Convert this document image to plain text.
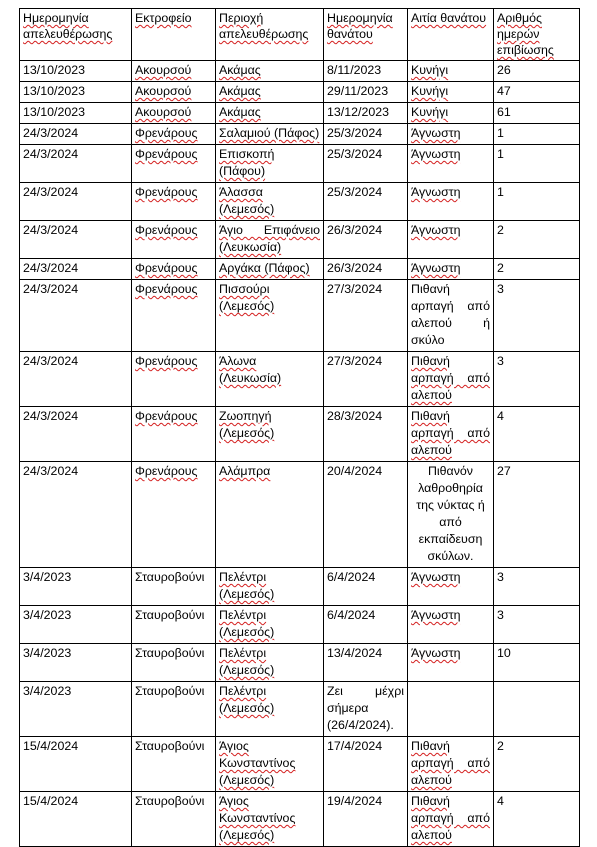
Ημερομηνία απελευθέρωσης	Εκτροφείο	Περιοχή απελευθέρωσης	Ημερομηνία θανάτου	Αιτία θανάτου	Αριθμός ημερών επιβίωσης
13/10/2023	Ακουρσού	Ακάμας	8/11/2023	Κυνήγι	26
13/10/2023	Ακουρσού	Ακάμας	29/11/2023	Κυνήγι	47
13/10/2023	Ακουρσού	Ακάμας	13/12/2023	Κυνήγι	61
24/3/2024	Φρενάρους	Σαλαμιού (Πάφος)	25/3/2024	Άγνωστη	1
24/3/2024	Φρενάρους	Επισκοπή (Πάφου)	25/3/2024	Άγνωστη	1
24/3/2024	Φρενάρους	Άλασσα (Λεμεσός)	25/3/2024	Άγνωστη	1
24/3/2024	Φρενάρους	Άγιο Επιφάνειο (Λευκωσία)	26/3/2024	Άγνωστη	2
24/3/2024	Φρενάρους	Αργάκα (Πάφος)	26/3/2024	Άγνωστη	2
24/3/2024	Φρενάρους	Πισσούρι (Λεμεσός)	27/3/2024	Πιθανή αρπαγή από αλεπού ή σκύλο	3
24/3/2024	Φρενάρους	Άλωνα (Λευκωσία)	27/3/2024	Πιθανή αρπαγή από αλεπού	3
24/3/2024	Φρενάρους	Ζωοπηγή (Λεμεσός)	28/3/2024	Πιθανή αρπαγή από αλεπού	4
24/3/2024	Φρενάρους	Αλάμπρα	20/4/2024	Πιθανόν λαθροθηρία της νύκτας ή από εκπαίδευση σκύλων.	27
3/4/2023	Σταυροβούνι	Πελέντρι (Λεμεσός)	6/4/2024	Άγνωστη	3
3/4/2023	Σταυροβούνι	Πελέντρι (Λεμεσός)	6/4/2024	Άγνωστη	3
3/4/2023	Σταυροβούνι	Πελέντρι (Λεμεσός)	13/4/2024	Άγνωστη	10
3/4/2023	Σταυροβούνι	Πελέντρι (Λεμεσός)	Ζει μέχρι σήμερα (26/4/2024).		
15/4/2024	Σταυροβούνι	Άγιος Κωνσταντίνος (Λεμεσός)	17/4/2024	Πιθανή αρπαγή από αλεπού	2
15/4/2024	Σταυροβούνι	Άγιος Κωνσταντίνος (Λεμεσός)	19/4/2024	Πιθανή αρπαγή από αλεπού	4
